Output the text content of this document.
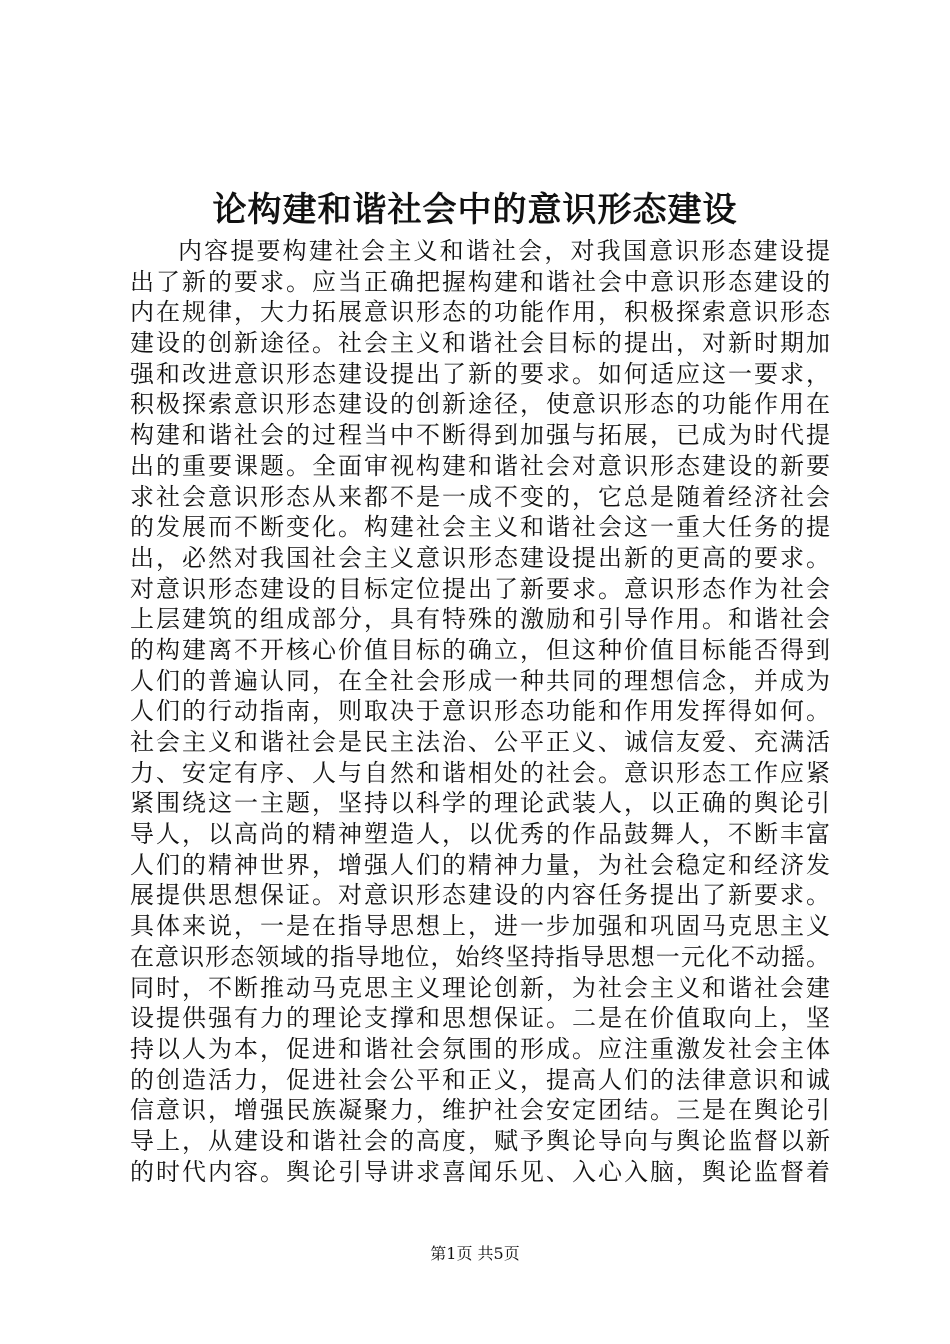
论构建和谐社会中的意识形态建设
内容提要构建社会主义和谐社会，对我国意识形态建设提
出了新的要求。应当正确把握构建和谐社会中意识形态建设的
内在规律，大力拓展意识形态的功能作用，积极探索意识形态
建设的创新途径。社会主义和谐社会目标的提出，对新时期加
强和改进意识形态建设提出了新的要求。如何适应这一要求，
积极探索意识形态建设的创新途径，使意识形态的功能作用在
构建和谐社会的过程当中不断得到加强与拓展，已成为时代提
出的重要课题。全面审视构建和谐社会对意识形态建设的新要
求社会意识形态从来都不是一成不变的，它总是随着经济社会
的发展而不断变化。构建社会主义和谐社会这一重大任务的提
出，必然对我国社会主义意识形态建设提出新的更高的要求。
对意识形态建设的目标定位提出了新要求。意识形态作为社会
上层建筑的组成部分，具有特殊的激励和引导作用。和谐社会
的构建离不开核心价值目标的确立，但这种价值目标能否得到
人们的普遍认同，在全社会形成一种共同的理想信念，并成为
人们的行动指南，则取决于意识形态功能和作用发挥得如何。
社会主义和谐社会是民主法治、公平正义、诚信友爱、充满活
力、安定有序、人与自然和谐相处的社会。意识形态工作应紧
紧围绕这一主题，坚持以科学的理论武装人，以正确的舆论引
导人，以高尚的精神塑造人，以优秀的作品鼓舞人，不断丰富
人们的精神世界，增强人们的精神力量，为社会稳定和经济发
展提供思想保证。对意识形态建设的内容任务提出了新要求。
具体来说，一是在指导思想上，进一步加强和巩固马克思主义
在意识形态领域的指导地位，始终坚持指导思想一元化不动摇。
同时，不断推动马克思主义理论创新，为社会主义和谐社会建
设提供强有力的理论支撑和思想保证。二是在价值取向上，坚
持以人为本，促进和谐社会氛围的形成。应注重激发社会主体
的创造活力，促进社会公平和正义，提高人们的法律意识和诚
信意识，增强民族凝聚力，维护社会安定团结。三是在舆论引
导上，从建设和谐社会的高度，赋予舆论导向与舆论监督以新
的时代内容。舆论引导讲求喜闻乐见、入心入脑，舆论监督着
第1页 共5页
